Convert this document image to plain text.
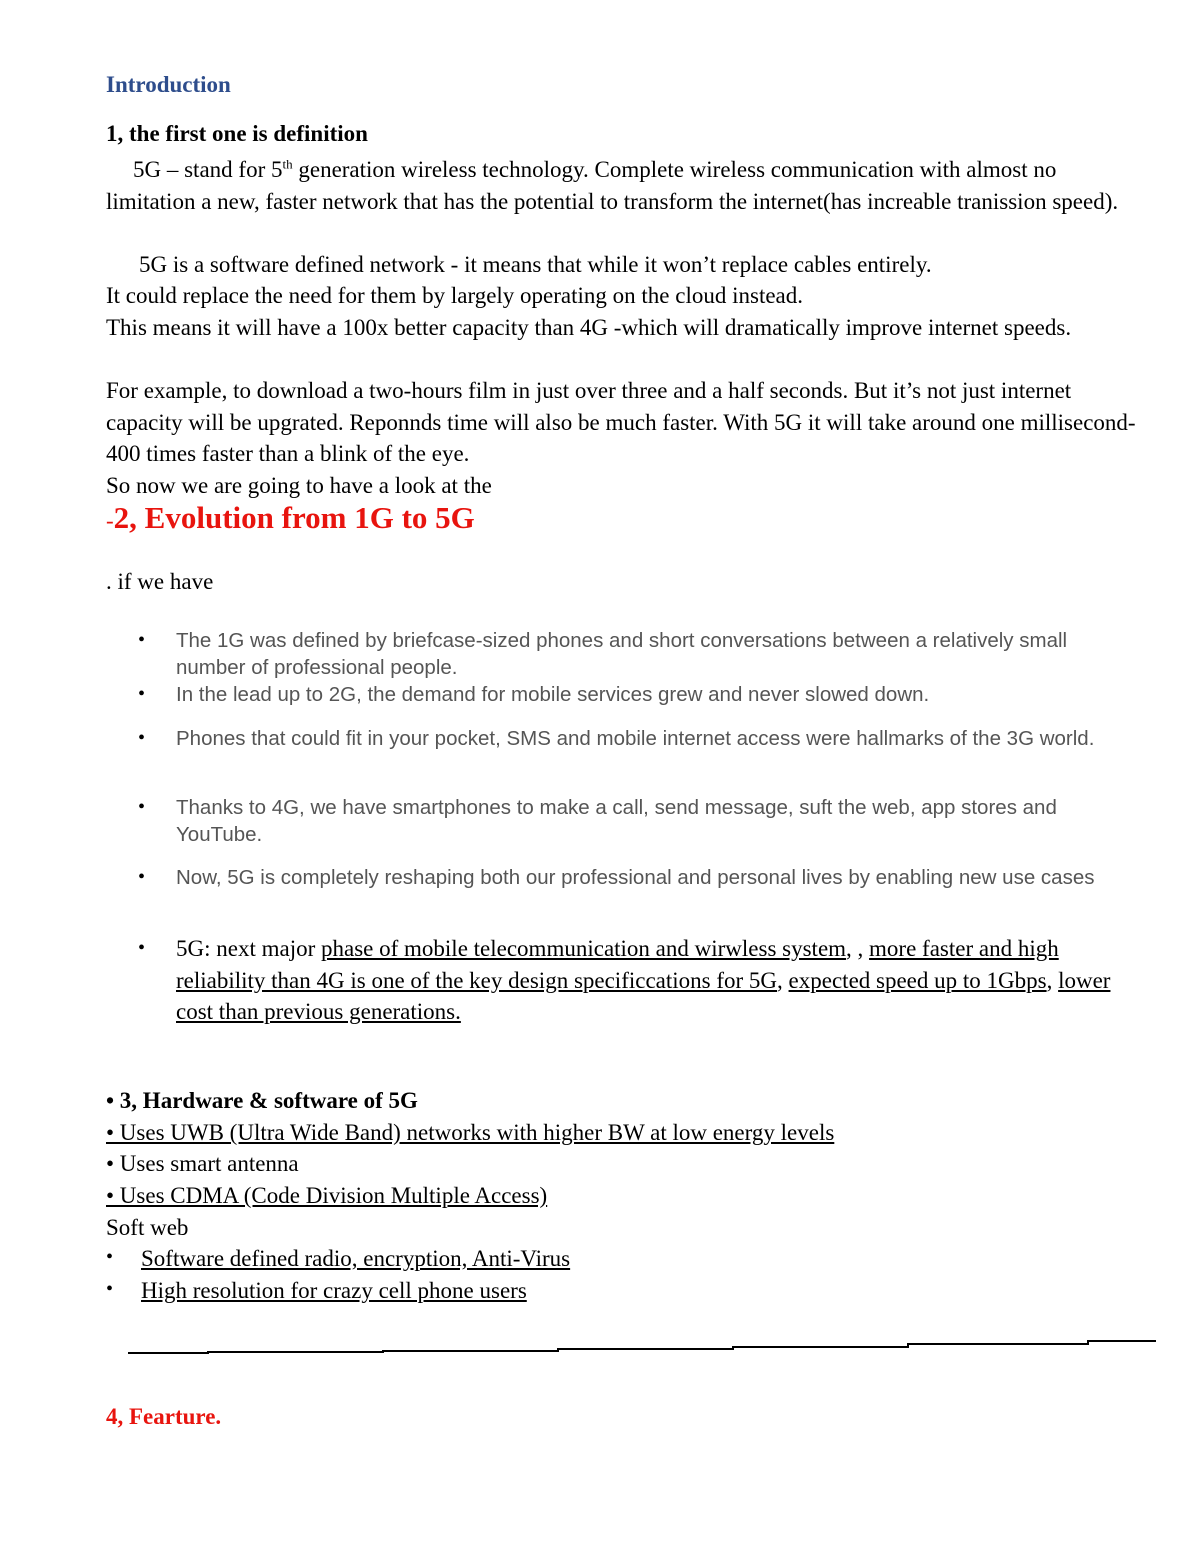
Introduction
1, the first one is definition
5G – stand for 5th generation wireless technology. Complete wireless communication with almost no limitation a new, faster network that has the potential to transform the internet(has increable tranission speed).
5G is a software defined network - it means that while it won’t replace cables entirely.
It could replace the need for them by largely operating on the cloud instead.
This means it will have a 100x better capacity than 4G -which will dramatically improve internet speeds.
For example, to download a two-hours film in just over three and a half seconds. But it’s not just internet capacity will be upgrated. Reponnds time will also be much faster. With 5G it will take around one millisecond-400 times faster than a blink of the eye.
So now we are going to have a look at the
-2, Evolution from 1G to 5G
. if we have
• The 1G was defined by briefcase-sized phones and short conversations between a relatively small number of professional people.
• In the lead up to 2G, the demand for mobile services grew and never slowed down.
• Phones that could fit in your pocket, SMS and mobile internet access were hallmarks of the 3G world.
• Thanks to 4G, we have smartphones to make a call, send message, suft the web, app stores and YouTube.
• Now, 5G is completely reshaping both our professional and personal lives by enabling new use cases
• 5G: next major phase of mobile telecommunication and wirwless system, , more faster and high reliability than 4G is one of the key design specificcations for 5G, expected speed up to 1Gbps, lower cost than previous generations.
• 3, Hardware & software of 5G
• Uses UWB (Ultra Wide Band) networks with higher BW at low energy levels
• Uses smart antenna
• Uses CDMA (Code Division Multiple Access)
Soft web
•	Software defined radio, encryption, Anti-Virus
•	High resolution for crazy cell phone users
4, Fearture.
